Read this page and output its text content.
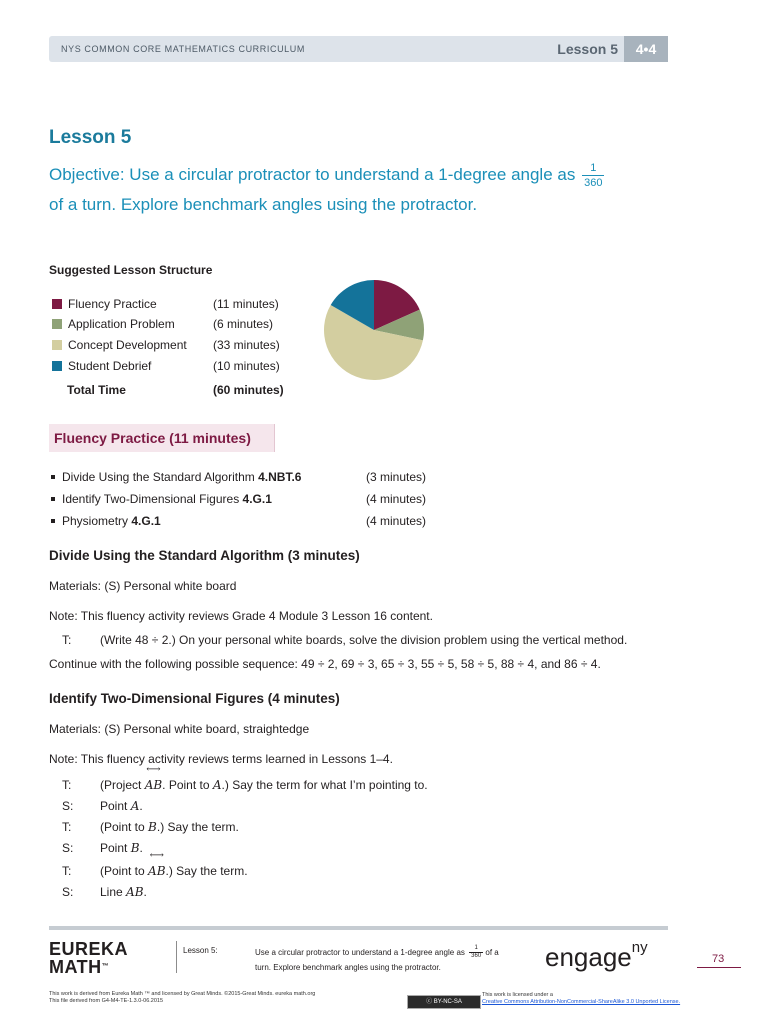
NYS COMMON CORE MATHEMATICS CURRICULUM	Lesson 5	4•4
Lesson 5
Objective: Use a circular protractor to understand a 1-degree angle as $\frac{1}{360}$

of a turn. Explore benchmark angles using the protractor.
Suggested Lesson Structure
Fluency Practice	(11 minutes)
Application Problem	(6 minutes)
Concept Development (33 minutes)
Student Debrief	(10 minutes)
Total Time	(60 minutes)
Fluency Practice (11 minutes)
Divide Using the Standard Algorithm 4.NBT.6	(3 minutes)
Identify Two-Dimensional Figures 4.G.1	(4 minutes)
Physiometry 4.G.1	(4 minutes)
Divide Using the Standard Algorithm (3 minutes)
Materials: (S) Personal white board
Note: This fluency activity reviews Grade 4 Module 3 Lesson 16 content.
T: (Write 48 ÷ 2.) On your personal white boards, solve the division problem using the vertical method.
Continue with the following possible sequence: 49 ÷ 2, 69 ÷ 3, 65 ÷ 3, 55 ÷ 5, 58 ÷ 5, 88 ÷ 4, and 86 ÷ 4.
Identify Two-Dimensional Figures (4 minutes)
Materials: (S) Personal white board, straightedge
Note: This fluency activity reviews terms learned in Lessons 1–4.
T: (Project ⟷ AB. Point to A.) Say the term for what I’m pointing to.
S: Point A.
T: (Point to B.) Say the term.
S: Point B.
T: (Point to ⟷ AB.) Say the term.
S: Line AB.
EUREKA
MATH™
Lesson 5:	Use a circular protractor to understand a 1-degree angle as $\frac{1}{360}$ of a
turn. Explore benchmark angles using the protractor.	engage$^{ny}$
73
This work is derived from Eureka Math ™ and licensed by Great Minds. ©2015-Great Minds. eureka math.org
This file derived from G4-M4-TE-1.3.0-06.2015	ⓒ BY-NC-SA
This work is licensed under a
Creative Commons Attribution-NonCommercial-ShareAlike 3.0 Unported License.
